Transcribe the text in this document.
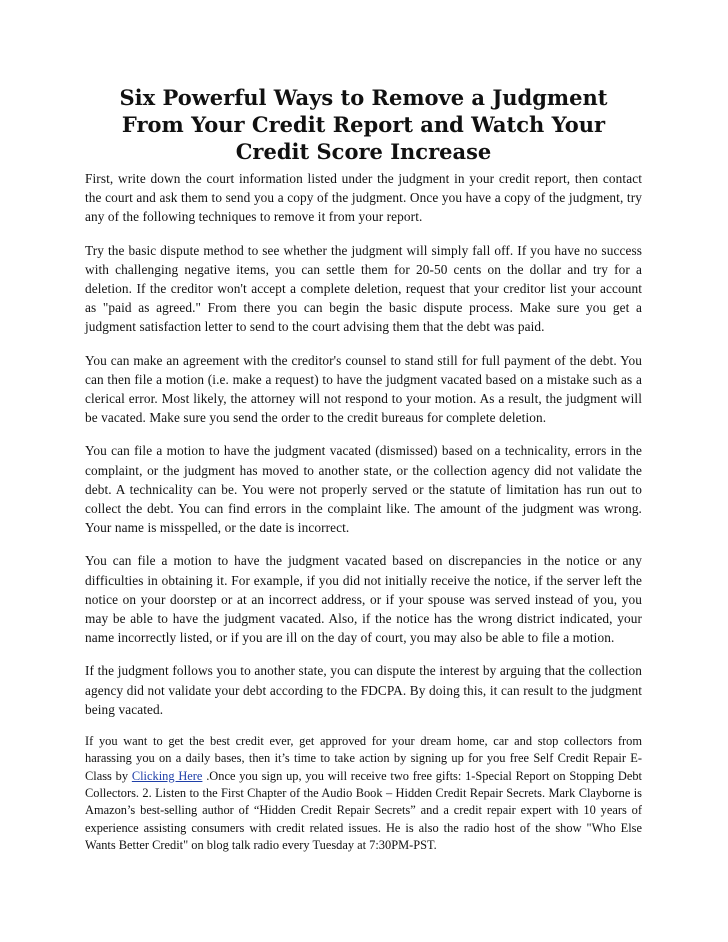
Six Powerful Ways to Remove a Judgment From Your Credit Report and Watch Your Credit Score Increase

First, write down the court information listed under the judgment in your credit report, then contact the court and ask them to send you a copy of the judgment. Once you have a copy of the judgment, try any of the following techniques to remove it from your report.

Try the basic dispute method to see whether the judgment will simply fall off. If you have no success with challenging negative items, you can settle them for 20-50 cents on the dollar and try for a deletion. If the creditor won't accept a complete deletion, request that your creditor list your account as "paid as agreed." From there you can begin the basic dispute process. Make sure you get a judgment satisfaction letter to send to the court advising them that the debt was paid.

You can make an agreement with the creditor's counsel to stand still for full payment of the debt. You can then file a motion (i.e. make a request) to have the judgment vacated based on a mistake such as a clerical error. Most likely, the attorney will not respond to your motion. As a result, the judgment will be vacated. Make sure you send the order to the credit bureaus for complete deletion.

You can file a motion to have the judgment vacated (dismissed) based on a technicality, errors in the complaint, or the judgment has moved to another state, or the collection agency did not validate the debt. A technicality can be. You were not properly served or the statute of limitation has run out to collect the debt. You can find errors in the complaint like. The amount of the judgment was wrong. Your name is misspelled, or the date is incorrect.

You can file a motion to have the judgment vacated based on discrepancies in the notice or any difficulties in obtaining it. For example, if you did not initially receive the notice, if the server left the notice on your doorstep or at an incorrect address, or if your spouse was served instead of you, you may be able to have the judgment vacated. Also, if the notice has the wrong district indicated, your name incorrectly listed, or if you are ill on the day of court, you may also be able to file a motion.

If the judgment follows you to another state, you can dispute the interest by arguing that the collection agency did not validate your debt according to the FDCPA. By doing this, it can result to the judgment being vacated.

If you want to get the best credit ever, get approved for your dream home, car and stop collectors from harassing you on a daily bases, then it’s time to take action by signing up for you free Self Credit Repair E-Class by Clicking Here .Once you sign up, you will receive two free gifts: 1-Special Report on Stopping Debt Collectors. 2. Listen to the First Chapter of the Audio Book – Hidden Credit Repair Secrets. Mark Clayborne is Amazon’s best-selling author of “Hidden Credit Repair Secrets” and a credit repair expert with 10 years of experience assisting consumers with credit related issues. He is also the radio host of the show "Who Else Wants Better Credit" on blog talk radio every Tuesday at 7:30PM-PST.
